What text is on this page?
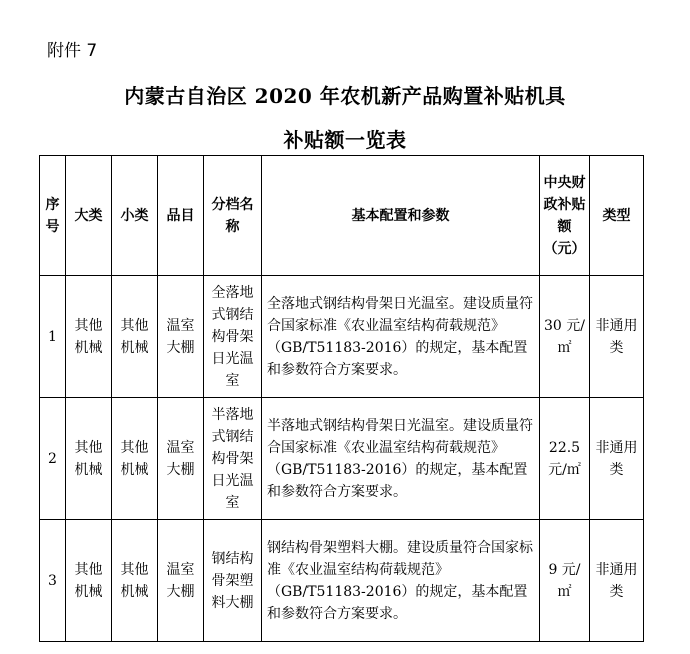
附件 7
内蒙古自治区 2020 年农机新产品购置补贴机具
补贴额一览表
序号	大类	小类	品目	分档名称	基本配置和参数	中央财政补贴额（元）	类型
1	其他机械	其他机械	温室大棚	全落地式钢结构骨架日光温室	全落地式钢结构骨架日光温室。建设质量符合国家标准《农业温室结构荷载规范》（GB/T51183-2016）的规定，基本配置和参数符合方案要求。	30 元/㎡	非通用类
2	其他机械	其他机械	温室大棚	半落地式钢结构骨架日光温室	半落地式钢结构骨架日光温室。建设质量符合国家标准《农业温室结构荷载规范》（GB/T51183-2016）的规定，基本配置和参数符合方案要求。	22.5 元/㎡	非通用类
3	其他机械	其他机械	温室大棚	钢结构骨架塑料大棚	钢结构骨架塑料大棚。建设质量符合国家标准《农业温室结构荷载规范》（GB/T51183-2016）的规定，基本配置和参数符合方案要求。	9 元/㎡	非通用类
